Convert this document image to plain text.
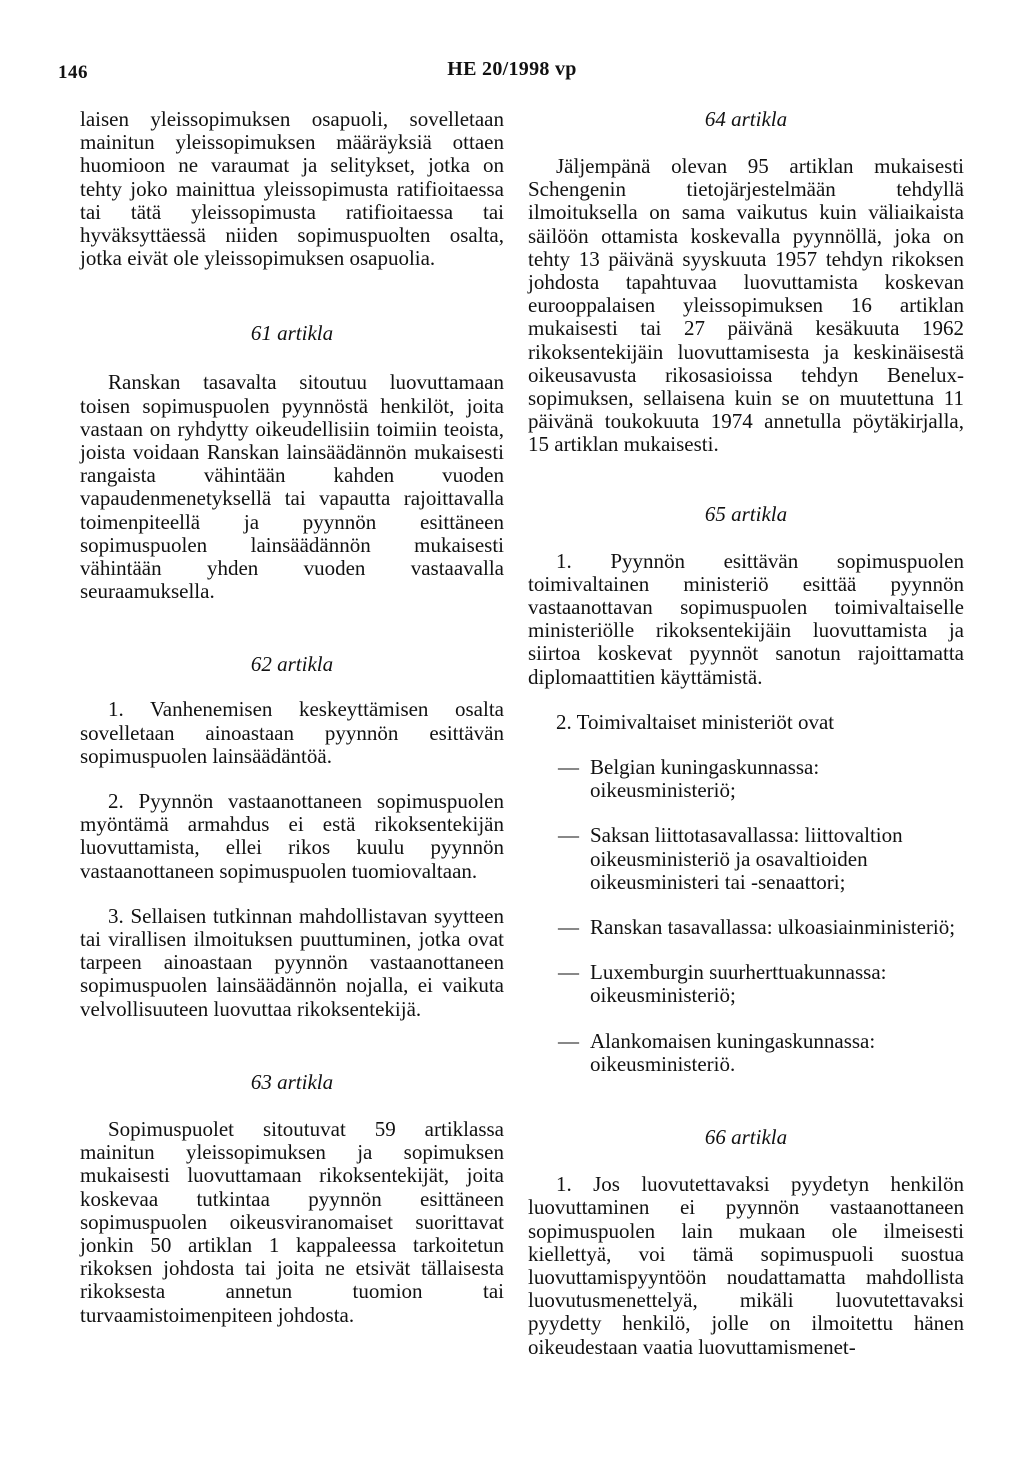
146	HE 20/1998 vp

laisen yleissopimuksen osapuoli, sovelletaan mainitun yleissopimuksen määräyksiä ottaen huomioon ne varaumat ja selitykset, jotka on tehty joko mainittua yleissopimusta ratifioitaessa tai tätä yleissopimusta ratifioitaessa tai hyväksyttäessä niiden sopimuspuolten osalta, jotka eivät ole yleissopimuksen osapuolia.

61 artikla

Ranskan tasavalta sitoutuu luovuttamaan toisen sopimuspuolen pyynnöstä henkilöt, joita vastaan on ryhdytty oikeudellisiin toimiin teoista, joista voidaan Ranskan lainsäädännön mukaisesti rangaista vähintään kahden vuoden vapaudenmenetyksellä tai vapautta rajoittavalla toimenpiteellä ja pyynnön esittäneen sopimuspuolen lainsäädännön mukaisesti vähintään yhden vuoden vastaavalla seuraamuksella.

62 artikla

1. Vanhenemisen keskeyttämisen osalta sovelletaan ainoastaan pyynnön esittävän sopimuspuolen lainsäädäntöä.

2. Pyynnön vastaanottaneen sopimuspuolen myöntämä armahdus ei estä rikoksentekijän luovuttamista, ellei rikos kuulu pyynnön vastaanottaneen sopimuspuolen tuomiovaltaan.

3. Sellaisen tutkinnan mahdollistavan syytteen tai virallisen ilmoituksen puuttuminen, jotka ovat tarpeen ainoastaan pyynnön vastaanottaneen sopimuspuolen lainsäädännön nojalla, ei vaikuta velvollisuuteen luovuttaa rikoksentekijä.

63 artikla

Sopimuspuolet sitoutuvat 59 artiklassa mainitun yleissopimuksen ja sopimuksen mukaisesti luovuttamaan rikoksentekijät, joita koskevaa tutkintaa pyynnön esittäneen sopimuspuolen oikeusviranomaiset suorittavat jonkin 50 artiklan 1 kappaleessa tarkoitetun rikoksen johdosta tai joita ne etsivät tällaisesta rikoksesta annetun tuomion tai turvaamistoimenpiteen johdosta.

64 artikla

Jäljempänä olevan 95 artiklan mukaisesti Schengenin tietojärjestelmään tehdyllä ilmoituksella on sama vaikutus kuin väliaikaista säilöön ottamista koskevalla pyynnöllä, joka on tehty 13 päivänä syyskuuta 1957 tehdyn rikoksen johdosta tapahtuvaa luovuttamista koskevan eurooppalaisen yleissopimuksen 16 artiklan mukaisesti tai 27 päivänä kesäkuuta 1962 rikoksentekijäin luovuttamisesta ja keskinäisestä oikeusavusta rikosasioissa tehdyn Benelux-sopimuksen, sellaisena kuin se on muutettuna 11 päivänä toukokuuta 1974 annetulla pöytäkirjalla, 15 artiklan mukaisesti.

65 artikla

1. Pyynnön esittävän sopimuspuolen toimivaltainen ministeriö esittää pyynnön vastaanottavan sopimuspuolen toimivaltaiselle ministeriölle rikoksentekijäin luovuttamista ja siirtoa koskevat pyynnöt sanotun rajoittamatta diplomaattitien käyttämistä.

2. Toimivaltaiset ministeriöt ovat

— Belgian kuningaskunnassa: oikeusministeriö;
— Saksan liittotasavallassa: liittovaltion oikeusministeriö ja osavaltioiden oikeusministeri tai -senaattori;
— Ranskan tasavallassa: ulkoasiainministeriö;
— Luxemburgin suurherttuakunnassa: oikeusministeriö;
— Alankomaisen kuningaskunnassa: oikeusministeriö.
66 artikla

1. Jos luovutettavaksi pyydetyn henkilön luovuttaminen ei pyynnön vastaanottaneen sopimuspuolen lain mukaan ole ilmeisesti kiellettyä, voi tämä sopimuspuoli suostua luovuttamispyyntöön noudattamatta mahdollista luovutusmenettelyä, mikäli luovutettavaksi pyydetty henkilö, jolle on ilmoitettu hänen oikeudestaan vaatia luovuttamismenet-
